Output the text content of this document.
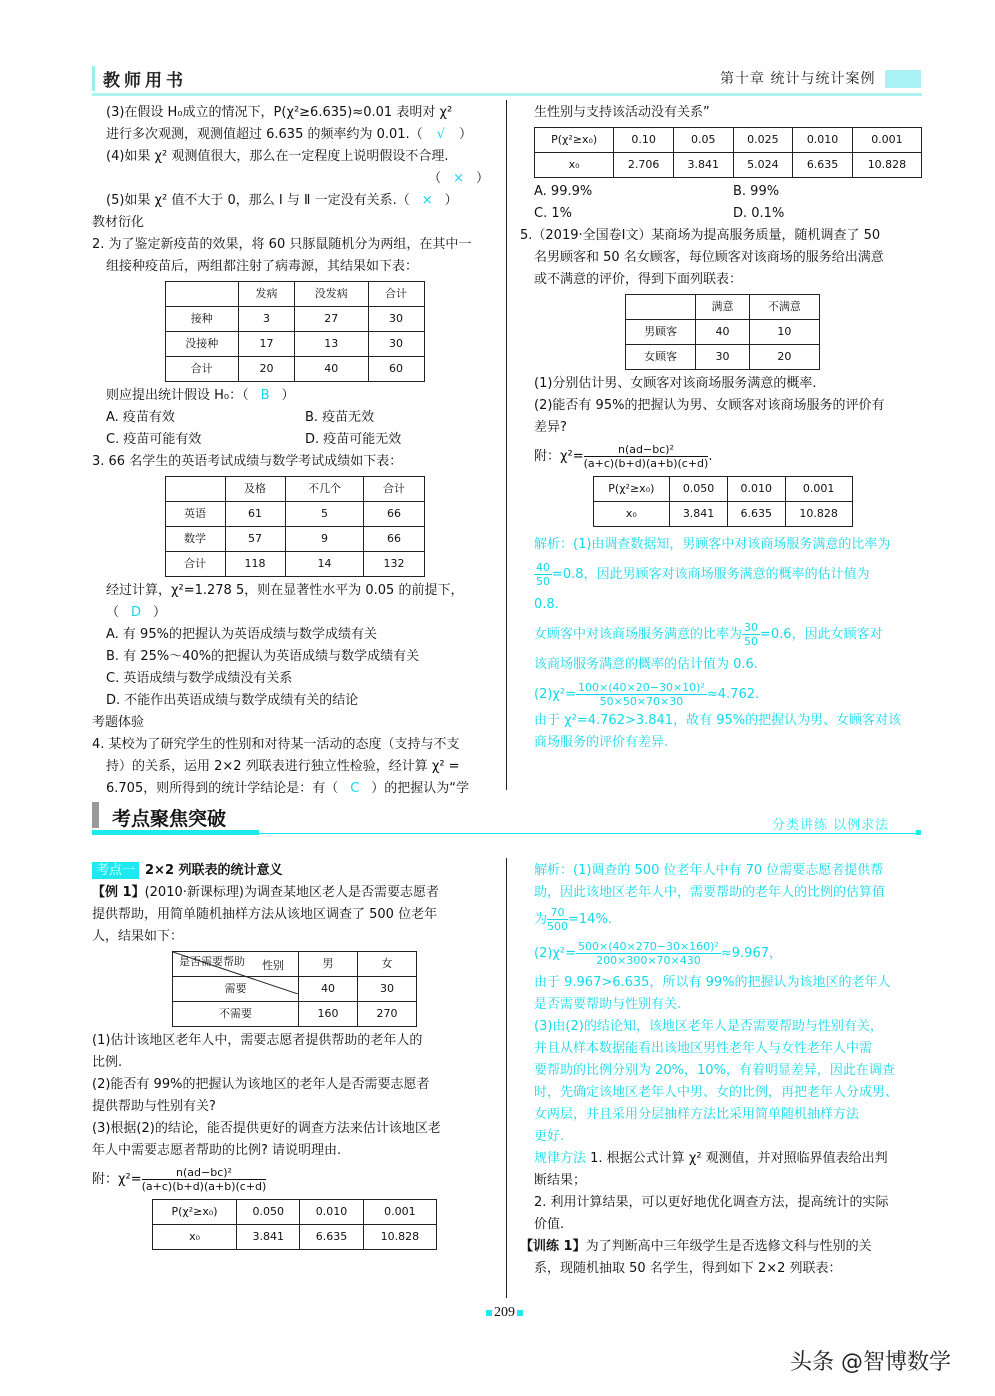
教师用书	第十章 统计与统计案例
(3)在假设 H₀成立的情况下，P(χ²≥6.635)≈0.01 表明对 χ²
进行多次观测，观测值超过 6.635 的频率约为 0.01.（ √ ）
(4)如果 χ² 观测值很大，那么在一定程度上说明假设不合理.
（ × ）
(5)如果 χ² 值不大于 0，那么 Ⅰ 与 Ⅱ 一定没有关系.（ × ）
教材衍化
2. 为了鉴定新疫苗的效果，将 60 只豚鼠随机分为两组，在其中一
组接种疫苗后，两组都注射了病毒源，其结果如下表：
	发病	没发病	合计
接种	3	27	30
没接种	17	13	30
合计	20	40	60
则应提出统计假设 H₀：（ B ）
A. 疫苗有效	B. 疫苗无效
C. 疫苗可能有效	D. 疫苗可能无效
3. 66 名学生的英语考试成绩与数学考试成绩如下表：
	及格	不几个	合计
英语	61	5	66
数学	57	9	66
合计	118	14	132
经过计算，χ²=1.278 5，则在显著性水平为 0.05 的前提下，（ D ）
A. 有 95%的把握认为英语成绩与数学成绩有关
B. 有 25%～40%的把握认为英语成绩与数学成绩有关
C. 英语成绩与数学成绩没有关系
D. 不能作出英语成绩与数学成绩有关的结论
考题体验
4. 某校为了研究学生的性别和对待某一活动的态度（支持与不支
持）的关系，运用 2×2 列联表进行独立性检验，经计算 χ² =
6.705，则所得到的统计学结论是：有（ C ）的把握认为“学
生性别与支持该活动没有关系”
P(χ²≥x₀)	0.10	0.05	0.025	0.010	0.001
x₀	2.706	3.841	5.024	6.635	10.828
A. 99.9%	B. 99%
C. 1%	D. 0.1%
5.（2019·全国卷Ⅰ文）某商场为提高服务质量，随机调查了 50
名男顾客和 50 名女顾客，每位顾客对该商场的服务给出满意
或不满意的评价，得到下面列联表：
	满意	不满意
男顾客	40	10
女顾客	30	20
(1)分别估计男、女顾客对该商场服务满意的概率.
(2)能否有 95%的把握认为男、女顾客对该商场服务的评价有
差异?
附：$\chi^2= \frac{\text{n(ad−bc)²}}{(a+c)(b+d)(a+b)(c+d)}$.
P(χ²≥x₀)	0.050	0.010	0.001
x₀	3.841	6.635	10.828
解析：(1)由调查数据知，男顾客中对该商场服务满意的比率为
$\frac{40}{50}=0.8$，因此男顾客对该商场服务满意的概率的估计值为
0.8.
女顾客中对该商场服务满意的比率为 $\frac{30}{50}=0.6$，因此女顾客对
该商场服务满意的概率的估计值为 0.6.
$(2)\chi^2= \frac{\text{100×(40×20−30×10)²}}{50\times 50\times 70\times 30}\approx 4.762$.
由于 χ²=4.762>3.841，故有 95%的把握认为男、女顾客对该
商场服务的评价有差异.
考点聚焦突破	分类讲练 以例求法
考点一 2×2 列联表的统计意义
【例 1】(2010·新课标理)为调查某地区老人是否需要志愿者
提供帮助，用简单随机抽样方法从该地区调查了 500 位老年
人，结果如下：
性别
是否需要帮助	男	女
需要	40	30
不需要	160	270
(1)估计该地区老年人中，需要志愿者提供帮助的老年人的
比例.
(2)能否有 99%的把握认为该地区的老年人是否需要志愿者
提供帮助与性别有关?
(3)根据(2)的结论，能否提供更好的调查方法来估计该地区老
年人中需要志愿者帮助的比例? 请说明理由.
附：$\chi^2= \frac{\text{n(ad−bc)²}}{(a+c)(b+d)(a+b)(c+d)}$
P(χ²≥x₀)	0.050	0.010	0.001
x₀	3.841	6.635	10.828
解析：(1)调查的 500 位老年人中有 70 位需要志愿者提供帮
助，因此该地区老年人中，需要帮助的老年人的比例的估算值
为 $\frac{70}{500}=14\%$.
$(2)\chi^2= \frac{\text{500×(40×270−30×160)²}}{200\times 300\times 70\times 430}\approx 9.967$，
由于 9.967>6.635，所以有 99%的把握认为该地区的老年人
是否需要帮助与性别有关.
(3)由(2)的结论知，该地区老年人是否需要帮助与性别有关，
并且从样本数据能看出该地区男性老年人与女性老年人中需
要帮助的比例分别为 20%，10%，有着明显差异，因此在调查
时，先确定该地区老年人中男、女的比例，再把老年人分成男、
女两层，并且采用分层抽样方法比采用简单随机抽样方法
更好.
规律方法 1. 根据公式计算 χ² 观测值，并对照临界值表给出判
断结果；
2. 利用计算结果，可以更好地优化调查方法，提高统计的实际
价值.
【训练 1】为了判断高中三年级学生是否选修文科与性别的关
系，现随机抽取 50 名学生，得到如下 2×2 列联表：
209
头条 @智博数学
